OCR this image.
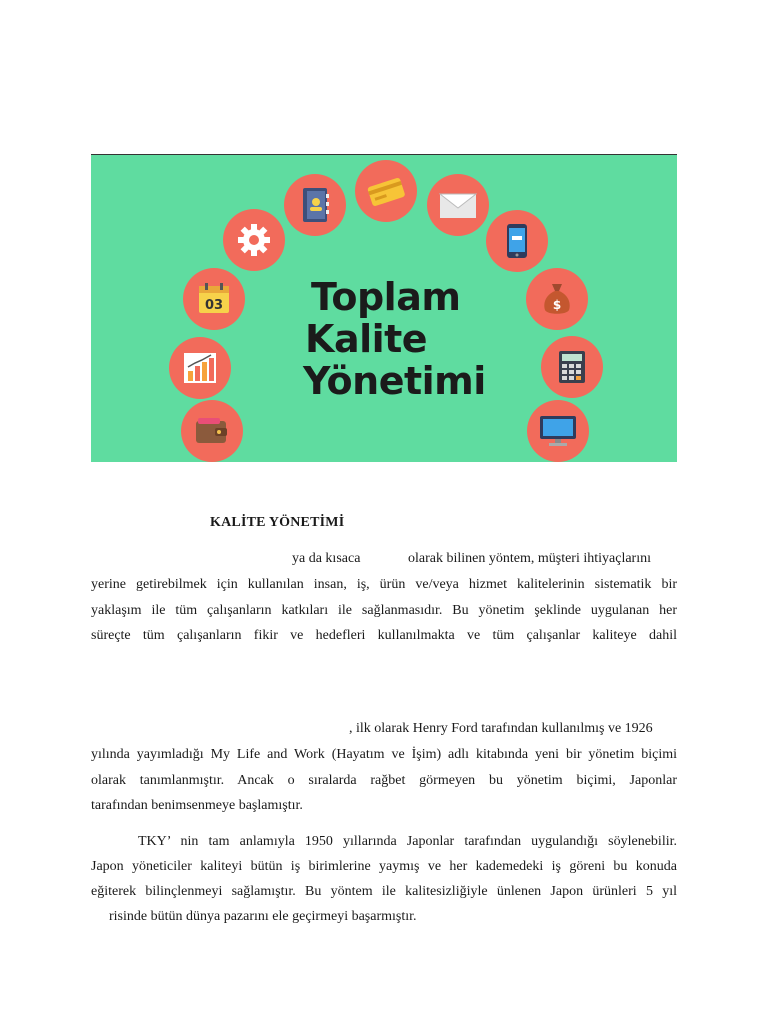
03	$
Toplam
Kalite
Yönetimi
KALİTE YÖNETİMİ
ya da kısaca	olarak bilinen yöntem, müşteri ihtiyaçlarını
yerine getirebilmek için kullanılan insan, iş, ürün ve/veya hizmet kalitelerinin sistematik bir
yaklaşım ile tüm çalışanların katkıları ile sağlanmasıdır. Bu yönetim şeklinde uygulanan her
süreçte tüm çalışanların fikir ve hedefleri kullanılmakta ve tüm çalışanlar kaliteye dahil
, ilk olarak Henry Ford tarafından kullanılmış ve 1926
yılında yayımladığı My Life and Work (Hayatım ve İşim) adlı kitabında yeni bir yönetim biçimi
olarak tanımlanmıştır. Ancak o sıralarda rağbet görmeyen bu yönetim biçimi, Japonlar
tarafından benimsenmeye başlamıştır.
TKY’ nin tam anlamıyla 1950 yıllarında Japonlar tarafından uygulandığı söylenebilir.
Japon yöneticiler kaliteyi bütün iş birimlerine yaymış ve her kademedeki iş göreni bu konuda
eğiterek bilinçlenmeyi sağlamıştır. Bu yöntem ile kalitesizliğiyle ünlenen Japon ürünleri 5 yıl
risinde bütün dünya pazarını ele geçirmeyi başarmıştır.
